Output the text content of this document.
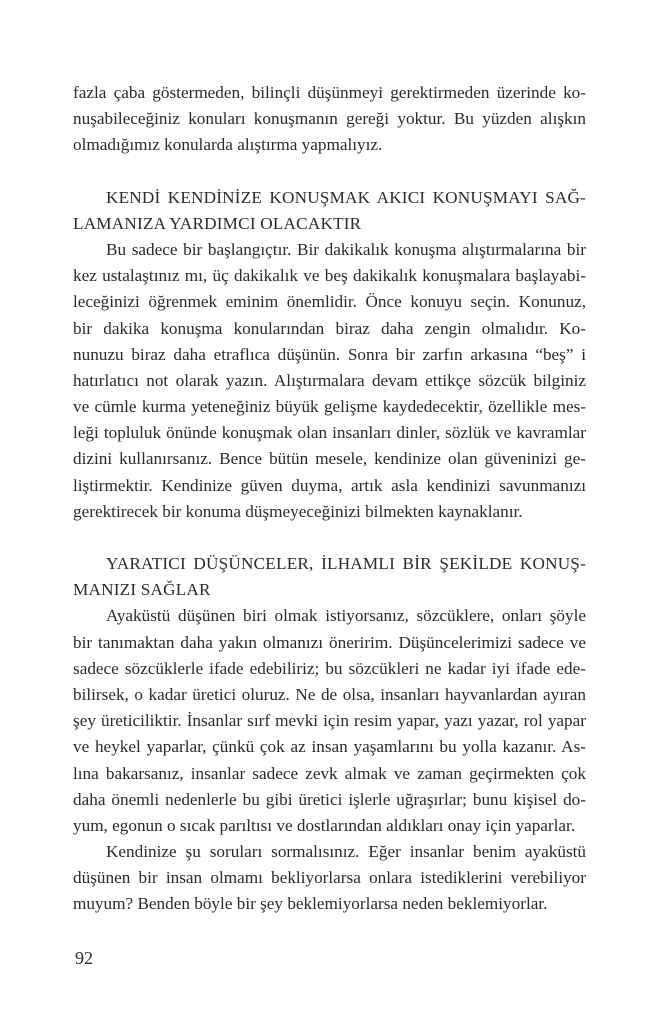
fazla çaba göstermeden, bilinçli düşünmeyi gerektirmeden üzerinde ko-
nuşabileceğiniz konuları konuşmanın gereği yoktur. Bu yüzden alışkın
olmadığımız konularda alıştırma yapmalıyız.
KENDİ KENDİNİZE KONUŞMAK AKICI KONUŞMAYI SAĞ-
LAMANIZA YARDIMCI OLACAKTIR
Bu sadece bir başlangıçtır. Bir dakikalık konuşma alıştırmalarına bir
kez ustalaştınız mı, üç dakikalık ve beş dakikalık konuşmalara başlayabi-
leceğinizi öğrenmek eminim önemlidir. Önce konuyu seçin. Konunuz,
bir dakika konuşma konularından biraz daha zengin olmalıdır. Ko-
nunuzu biraz daha etraflıca düşünün. Sonra bir zarfın arkasına “beş” i
hatırlatıcı not olarak yazın. Alıştırmalara devam ettikçe sözcük bilginiz
ve cümle kurma yeteneğiniz büyük gelişme kaydedecektir, özellikle mes-
leği topluluk önünde konuşmak olan insanları dinler, sözlük ve kavramlar
dizini kullanırsanız. Bence bütün mesele, kendinize olan güveninizi ge-
liştirmektir. Kendinize güven duyma, artık asla kendinizi savunmanızı
gerektirecek bir konuma düşmeyeceğinizi bilmekten kaynaklanır.
YARATICI DÜŞÜNCELER, İLHAMLI BİR ŞEKİLDE KONUŞ-
MANIZI SAĞLAR
Ayaküstü düşünen biri olmak istiyorsanız, sözcüklere, onları şöyle
bir tanımaktan daha yakın olmanızı öneririm. Düşüncelerimizi sadece ve
sadece sözcüklerle ifade edebiliriz; bu sözcükleri ne kadar iyi ifade ede-
bilirsek, o kadar üretici oluruz. Ne de olsa, insanları hayvanlardan ayıran
şey üreticiliktir. İnsanlar sırf mevki için resim yapar, yazı yazar, rol yapar
ve heykel yaparlar, çünkü çok az insan yaşamlarını bu yolla kazanır. As-
lına bakarsanız, insanlar sadece zevk almak ve zaman geçirmekten çok
daha önemli nedenlerle bu gibi üretici işlerle uğraşırlar; bunu kişisel do-
yum, egonun o sıcak parıltısı ve dostlarından aldıkları onay için yaparlar.
Kendinize şu soruları sormalısınız. Eğer insanlar benim ayaküstü
düşünen bir insan olmamı bekliyorlarsa onlara istediklerini verebiliyor
muyum? Benden böyle bir şey beklemiyorlarsa neden beklemiyorlar.
92
